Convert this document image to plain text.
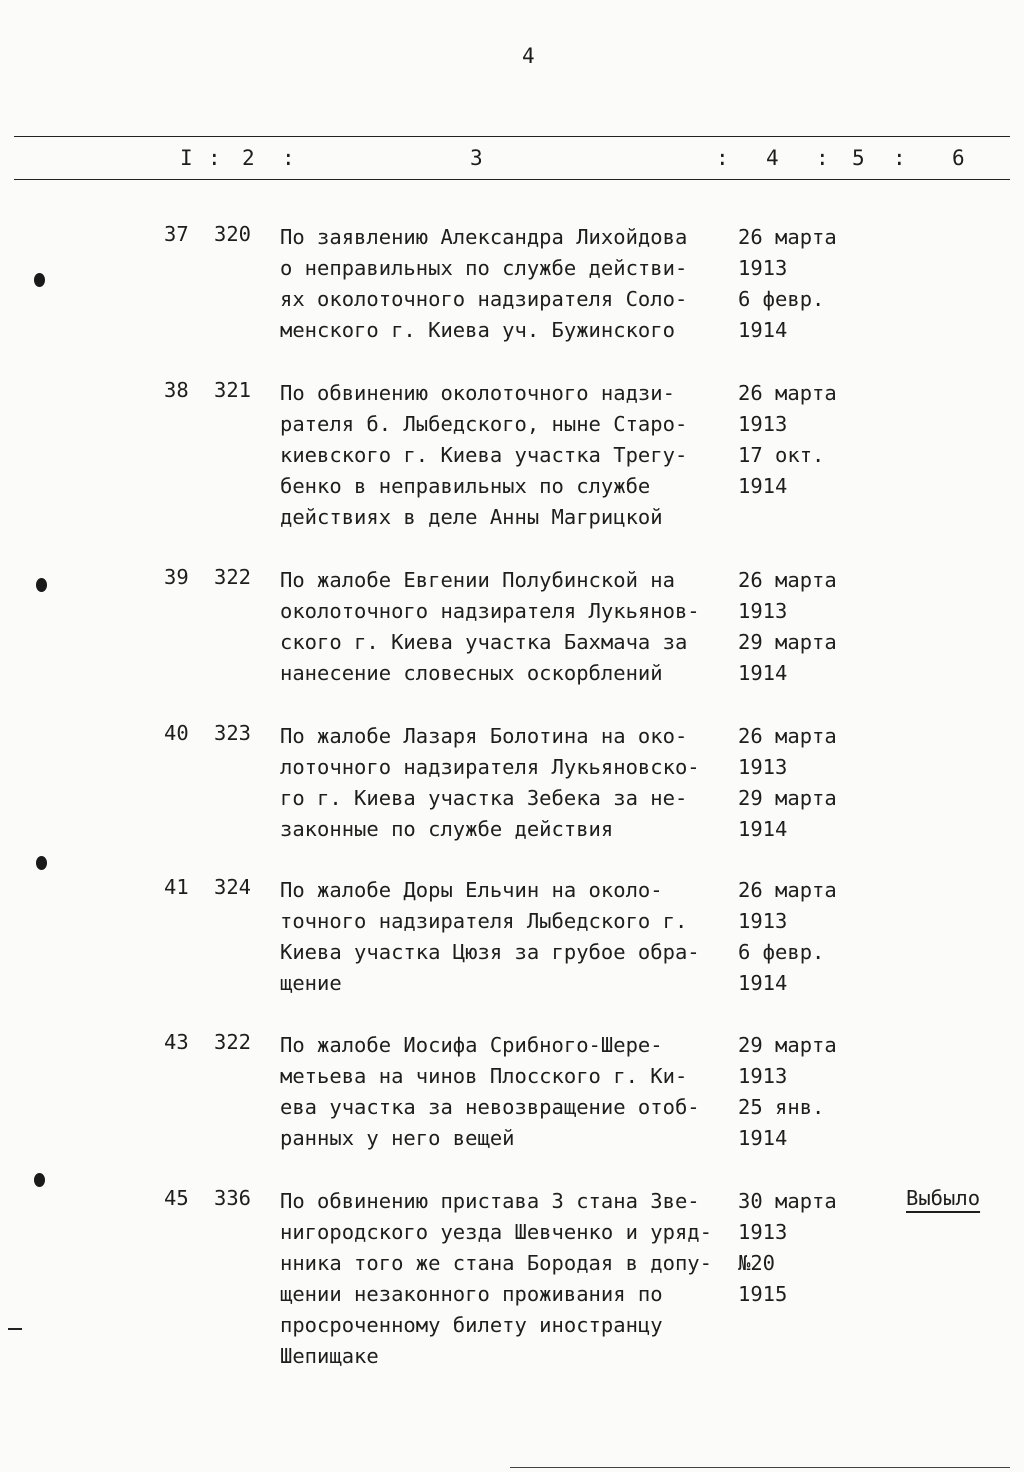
4
I : 2 :	3	: 4 : 5 : 6
37 320 По заявлению Александра Лихойдова
о неправильных по службе действи-
ях околоточного надзирателя Соло-
менского г. Киева уч. Бужинского
26 марта
1913
6 февр.
1914
38 321 По обвинению околоточного надзи-
рателя б. Лыбедского, ныне Старо-
киевского г. Киева участка Трегу-
бенко в неправильных по службе
действиях в деле Анны Магрицкой
26 марта
1913
17 окт.
1914
39 322 По жалобе Евгении Полубинской на
околоточного надзирателя Лукьянов-
ского г. Киева участка Бахмача за
нанесение словесных оскорблений
26 марта
1913
29 марта
1914
40 323 По жалобе Лазаря Болотина на око-
лоточного надзирателя Лукьяновско-
го г. Киева участка Зебека за не-
законные по службе действия
26 марта
1913
29 марта
1914
41 324 По жалобе Доры Ельчин на около-
точного надзирателя Лыбедского г.
Киева участка Цюзя за грубое обра-
щение
26 марта
1913
6 февр.
1914
43 322 По жалобе Иосифа Срибного-Шере-
метьева на чинов Плосского г. Ки-
ева участка за невозвращение отоб-
ранных у него вещей
29 марта
1913
25 янв.
1914
45 336 По обвинению пристава 3 стана Зве-
нигородского уезда Шевченко и уряд-
нника того же стана Бородая в допу-
щении незаконного проживания по
просроченному билету иностранцу
Шепищаке
30 марта
1913
№20
1915
Выбыло
